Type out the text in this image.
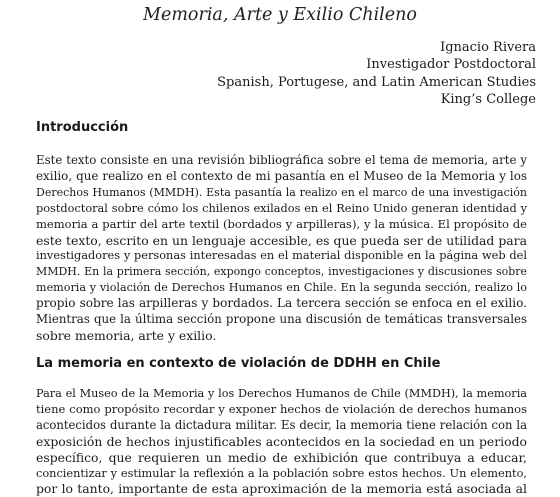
Memoria, Arte y Exilio Chileno
Ignacio Rivera
Investigador Postdoctoral
Spanish, Portugese, and Latin American Studies
King’s College
Introducción
Este texto consiste en una revisión bibliográfica sobre el tema de memoria, arte y
exilio, que realizo en el contexto de mi pasantía en el Museo de la Memoria y los
Derechos Humanos (MMDH). Esta pasantía la realizo en el marco de una investigación
postdoctoral sobre cómo los chilenos exilados en el Reino Unido generan identidad y
memoria a partir del arte textil (bordados y arpilleras), y la música. El propósito de
este texto, escrito en un lenguaje accesible, es que pueda ser de utilidad para
investigadores y personas interesadas en el material disponible en la página web del
MMDH. En la primera sección, expongo conceptos, investigaciones y discusiones sobre
memoria y violación de Derechos Humanos en Chile. En la segunda sección, realizo lo
propio sobre las arpilleras y bordados. La tercera sección se enfoca en el exilio.
Mientras que la última sección propone una discusión de temáticas transversales
sobre memoria, arte y exilio.
La memoria en contexto de violación de DDHH en Chile
Para el Museo de la Memoria y los Derechos Humanos de Chile (MMDH), la memoria
tiene como propósito recordar y exponer hechos de violación de derechos humanos
acontecidos durante la dictadura militar. Es decir, la memoria tiene relación con la
exposición de hechos injustificables acontecidos en la sociedad en un periodo
específico, que requieren un medio de exhibición que contribuya a educar,
concientizar y estimular la reflexión a la población sobre estos hechos. Un elemento,
por lo tanto, importante de esta aproximación de la memoria está asociada al
